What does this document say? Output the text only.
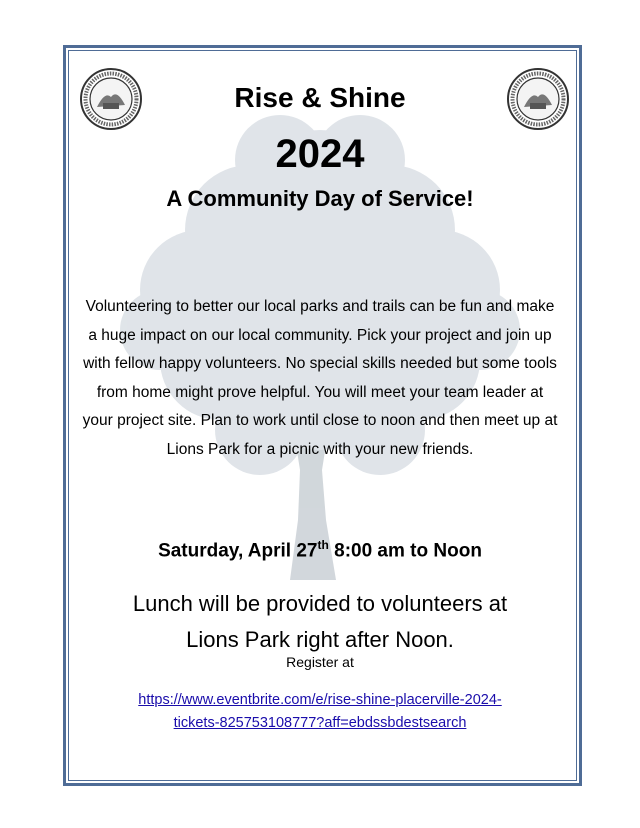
Rise & Shine
2024
A Community Day of Service!
Volunteering to better our local parks and trails can be fun and make a huge impact on our local community. Pick your project and join up with fellow happy volunteers. No special skills needed but some tools from home might prove helpful. You will meet your team leader at your project site. Plan to work until close to noon and then meet up at Lions Park for a picnic with your new friends.
Saturday, April 27th 8:00 am to Noon
Lunch will be provided to volunteers at
Lions Park right after Noon.
Register at
https://www.eventbrite.com/e/rise-shine-placerville-2024-
tickets-825753108777?aff=ebdssbdestsearch
